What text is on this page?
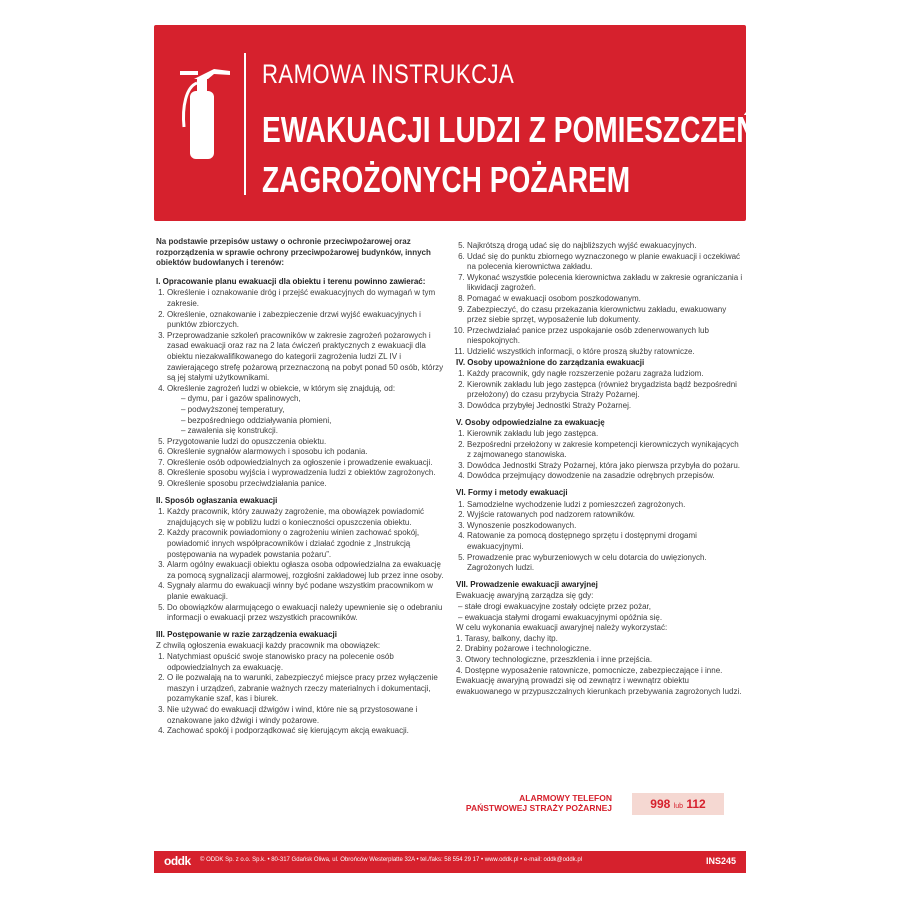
RAMOWA INSTRUKCJA
EWAKUACJI LUDZI Z POMIESZCZEŃ
ZAGROŻONYCH POŻAREM
Na podstawie przepisów ustawy o ochronie przeciwpożarowej oraz rozporządzenia w sprawie ochrony przeciwpożarowej budynków, innych obiektów budowlanych i terenów:
I. Opracowanie planu ewakuacji dla obiektu i terenu powinno zawierać:
1. Określenie i oznakowanie dróg i przejść ewakuacyjnych do wymagań w tym zakresie.
2. Określenie, oznakowanie i zabezpieczenie drzwi wyjść ewakuacyjnych i punktów zbiorczych.
3. Przeprowadzanie szkoleń pracowników w zakresie zagrożeń pożarowych i zasad ewakuacji oraz raz na 2 lata ćwiczeń praktycznych z ewakuacji dla obiektu niezakwalifikowanego do kategorii zagrożenia ludzi ZL IV i zawierającego strefę pożarową przeznaczoną na pobyt ponad 50 osób, którzy są jej stałymi użytkownikami.
4. Określenie zagrożeń ludzi w obiekcie, w którym się znajdują, od:
– dymu, par i gazów spalinowych,
– podwyższonej temperatury,
– bezpośredniego oddziaływania płomieni,
– zawalenia się konstrukcji.
5. Przygotowanie ludzi do opuszczenia obiektu.
6. Określenie sygnałów alarmowych i sposobu ich podania.
7. Określenie osób odpowiedzialnych za ogłoszenie i prowadzenie ewakuacji.
8. Określenie sposobu wyjścia i wyprowadzenia ludzi z obiektów zagrożonych.
9. Określenie sposobu przeciwdziałania panice.
II. Sposób ogłaszania ewakuacji
1. Każdy pracownik, który zauważy zagrożenie, ma obowiązek powiadomić znajdujących się w pobliżu ludzi o konieczności opuszczenia obiektu.
2. Każdy pracownik powiadomiony o zagrożeniu winien zachować spokój, powiadomić innych współpracowników i działać zgodnie z „Instrukcją postępowania na wypadek powstania pożaru”.
3. Alarm ogólny ewakuacji obiektu ogłasza osoba odpowiedzialna za ewakuację za pomocą sygnalizacji alarmowej, rozgłośni zakładowej lub przez inne osoby.
4. Sygnały alarmu do ewakuacji winny być podane wszystkim pracownikom w planie ewakuacji.
5. Do obowiązków alarmującego o ewakuacji należy upewnienie się o odebraniu informacji o ewakuacji przez wszystkich pracowników.
III. Postępowanie w razie zarządzenia ewakuacji
Z chwilą ogłoszenia ewakuacji każdy pracownik ma obowiązek:
1. Natychmiast opuścić swoje stanowisko pracy na polecenie osób odpowiedzialnych za ewakuację.
2. O ile pozwalają na to warunki, zabezpieczyć miejsce pracy przez wyłączenie maszyn i urządzeń, zabranie ważnych rzeczy materialnych i dokumentacji, pozamykanie szaf, kas i biurek.
3. Nie używać do ewakuacji dźwigów i wind, które nie są przystosowane i oznakowane jako dźwigi i windy pożarowe.
4. Zachować spokój i podporządkować się kierującym akcją ewakuacji.
5. Najkrótszą drogą udać się do najbliższych wyjść ewakuacyjnych.
6. Udać się do punktu zbiornego wyznaczonego w planie ewakuacji i oczekiwać na polecenia kierownictwa zakładu.
7. Wykonać wszystkie polecenia kierownictwa zakładu w zakresie ograniczania i likwidacji zagrożeń.
8. Pomagać w ewakuacji osobom poszkodowanym.
9. Zabezpieczyć, do czasu przekazania kierownictwu zakładu, ewakuowany przez siebie sprzęt, wyposażenie lub dokumenty.
10. Przeciwdziałać panice przez uspokajanie osób zdenerwowanych lub niespokojnych.
11. Udzielić wszystkich informacji, o które proszą służby ratownicze.
IV. Osoby upoważnione do zarządzania ewakuacji
1. Każdy pracownik, gdy nagłe rozszerzenie pożaru zagraża ludziom.
2. Kierownik zakładu lub jego zastępca (również brygadzista bądź bezpośredni przełożony) do czasu przybycia Straży Pożarnej.
3. Dowódca przybyłej Jednostki Straży Pożarnej.
V. Osoby odpowiedzialne za ewakuację
1. Kierownik zakładu lub jego zastępca.
2. Bezpośredni przełożony w zakresie kompetencji kierowniczych wynikających z zajmowanego stanowiska.
3. Dowódca Jednostki Straży Pożarnej, która jako pierwsza przybyła do pożaru.
4. Dowódca przejmujący dowodzenie na zasadzie odrębnych przepisów.
VI. Formy i metody ewakuacji
1. Samodzielne wychodzenie ludzi z pomieszczeń zagrożonych.
2. Wyjście ratowanych pod nadzorem ratowników.
3. Wynoszenie poszkodowanych.
4. Ratowanie za pomocą dostępnego sprzętu i dostępnymi drogami ewakuacyjnymi.
5. Prowadzenie prac wyburzeniowych w celu dotarcia do uwięzionych. Zagrożonych ludzi.
VII. Prowadzenie ewakuacji awaryjnej
Ewakuację awaryjną zarządza się gdy:
– stałe drogi ewakuacyjne zostały odcięte przez pożar,
– ewakuacja stałymi drogami ewakuacyjnymi opóźnia się.
W celu wykonania ewakuacji awaryjnej należy wykorzystać:
1. Tarasy, balkony, dachy itp.
2. Drabiny pożarowe i technologiczne.
3. Otwory technologiczne, przeszklenia i inne przejścia.
4. Dostępne wyposażenie ratownicze, pomocnicze, zabezpieczające i inne.
Ewakuację awaryjną prowadzi się od zewnątrz i wewnątrz obiektu ewakuowanego w przypuszczalnych kierunkach przebywania zagrożonych ludzi.
ALARMOWY TELEFON
PAŃSTWOWEJ STRAŻY POŻARNEJ	998 lub 112
oddk © ODDK Sp. z o.o. Sp.k. • 80-317 Gdańsk Oliwa, ul. Obrońców Westerplatte 32A • tel./faks: 58 554 29 17 • www.oddk.pl • e-mail: oddk@oddk.pl	INS245
